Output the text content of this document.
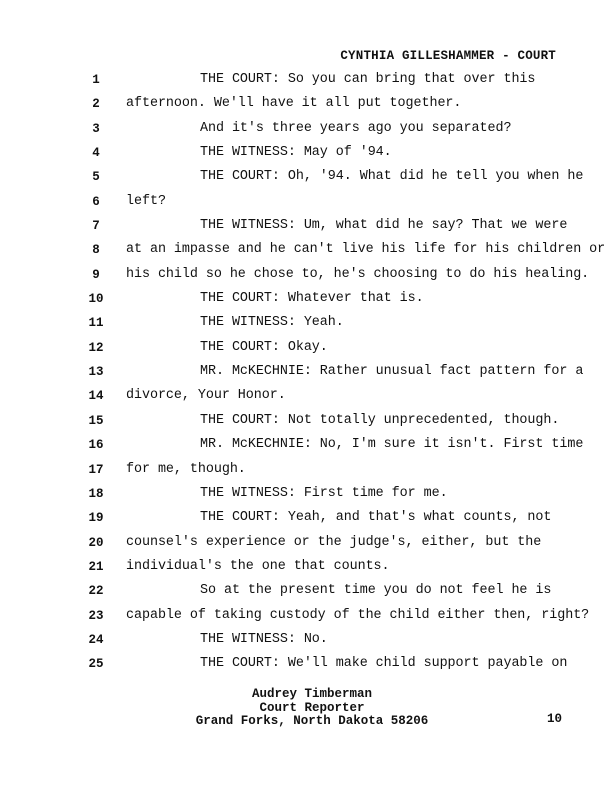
CYNTHIA GILLESHAMMER - COURT
1	THE COURT: So you can bring that over this
2	afternoon. We'll have it all put together.
3	And it's three years ago you separated?
4	THE WITNESS: May of '94.
5	THE COURT: Oh, '94. What did he tell you when he
6	left?
7	THE WITNESS: Um, what did he say? That we were
8	at an impasse and he can't live his life for his children or
9	his child so he chose to, he's choosing to do his healing.
10	THE COURT: Whatever that is.
11	THE WITNESS: Yeah.
12	THE COURT: Okay.
13	MR. McKECHNIE: Rather unusual fact pattern for a
14 divorce, Your Honor.
15	THE COURT: Not totally unprecedented, though.
16	MR. McKECHNIE: No, I'm sure it isn't. First time
17 for me, though.
18	THE WITNESS: First time for me.
19	THE COURT: Yeah, and that's what counts, not
20 counsel's experience or the judge's, either, but the
21 individual's the one that counts.
22	So at the present time you do not feel he is
23 capable of taking custody of the child either then, right?
24	THE WITNESS: No.
25	THE COURT: We'll make child support payable on
Audrey Timberman
Court Reporter
Grand Forks, North Dakota 58206	10
